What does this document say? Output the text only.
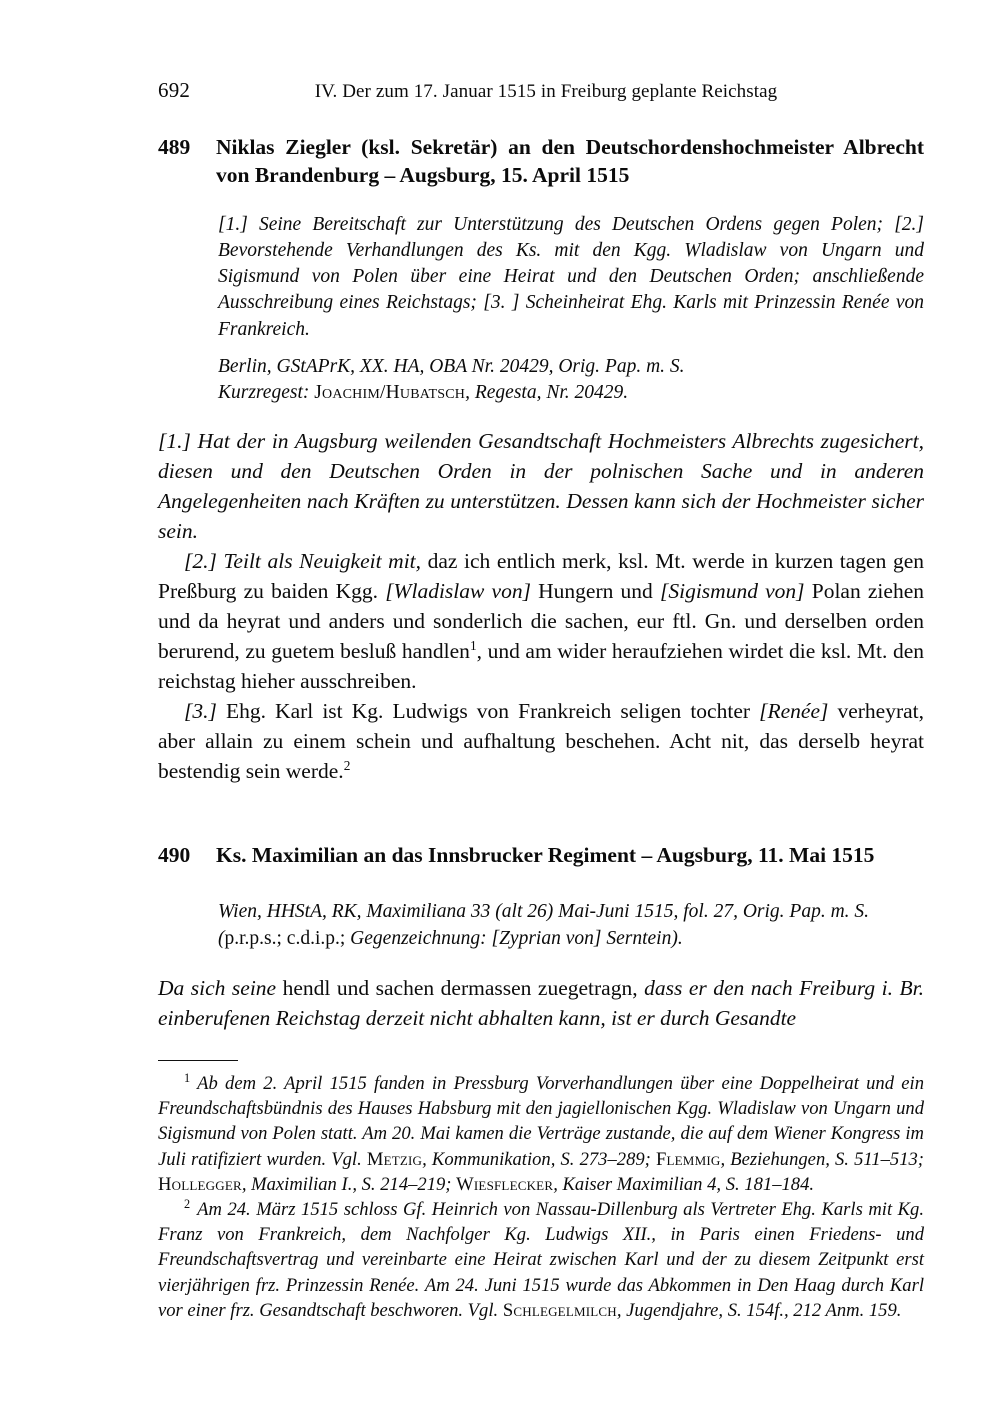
692	IV. Der zum 17. Januar 1515 in Freiburg geplante Reichstag
489	Niklas Ziegler (ksl. Sekretär) an den Deutschordenshochmeister Albrecht von Brandenburg – Augsburg, 15. April 1515
[1.] Seine Bereitschaft zur Unterstützung des Deutschen Ordens gegen Polen; [2.] Bevorstehende Verhandlungen des Ks. mit den Kgg. Wladislaw von Ungarn und Sigismund von Polen über eine Heirat und den Deutschen Orden; anschließende Ausschreibung eines Reichstags; [3. ] Scheinheirat Ehg. Karls mit Prinzessin Renée von Frankreich.
Berlin, GStAPrK, XX. HA, OBA Nr. 20429, Orig. Pap. m. S.
Kurzregest: Joachim/Hubatsch, Regesta, Nr. 20429.

[1.] Hat der in Augsburg weilenden Gesandtschaft Hochmeisters Albrechts zugesichert, diesen und den Deutschen Orden in der polnischen Sache und in anderen Angelegenheiten nach Kräften zu unterstützen. Dessen kann sich der Hochmeister sicher sein.

[2.] Teilt als Neuigkeit mit, daz ich entlich merk, ksl. Mt. werde in kurzen tagen gen Preßburg zu baiden Kgg. [Wladislaw von] Hungern und [Sigismund von] Polan ziehen und da heyrat und anders und sonderlich die sachen, eur ftl. Gn. und derselben orden berurend, zu guetem besluß handlen$^1$, und am wider heraufziehen wirdet die ksl. Mt. den reichstag hieher ausschreiben.

[3.] Ehg. Karl ist Kg. Ludwigs von Frankreich seligen tochter [Renée] verheyrat, aber allain zu einem schein und aufhaltung beschehen. Acht nit, das derselb heyrat bestendig sein werde.$^2$

490	Ks. Maximilian an das Innsbrucker Regiment – Augsburg, 11. Mai 1515
Wien, HHStA, RK, Maximiliana 33 (alt 26) Mai-Juni 1515, fol. 27, Orig. Pap. m. S. (p.r.p.s.; c.d.i.p.; Gegenzeichnung: [Zyprian von] Serntein).

Da sich seine hendl und sachen dermassen zuegetragn, dass er den nach Freiburg i. Br. einberufenen Reichstag derzeit nicht abhalten kann, ist er durch Gesandte

$^1$ Ab dem 2. April 1515 fanden in Pressburg Vorverhandlungen über eine Doppelheirat und ein Freundschaftsbündnis des Hauses Habsburg mit den jagiellonischen Kgg. Wladislaw von Ungarn und Sigismund von Polen statt. Am 20. Mai kamen die Verträge zustande, die auf dem Wiener Kongress im Juli ratifiziert wurden. Vgl. Metzig, Kommunikation, S. 273–289; Flemmig, Beziehungen, S. 511–513; Hollegger, Maximilian I., S. 214–219; Wiesflecker, Kaiser Maximilian 4, S. 181–184.

$^2$ Am 24. März 1515 schloss Gf. Heinrich von Nassau-Dillenburg als Vertreter Ehg. Karls mit Kg. Franz von Frankreich, dem Nachfolger Kg. Ludwigs XII., in Paris einen Friedens- und Freundschaftsvertrag und vereinbarte eine Heirat zwischen Karl und der zu diesem Zeitpunkt erst vierjährigen frz. Prinzessin Renée. Am 24. Juni 1515 wurde das Abkommen in Den Haag durch Karl vor einer frz. Gesandtschaft beschworen. Vgl. Schlegelmilch, Jugendjahre, S. 154f., 212 Anm. 159.
